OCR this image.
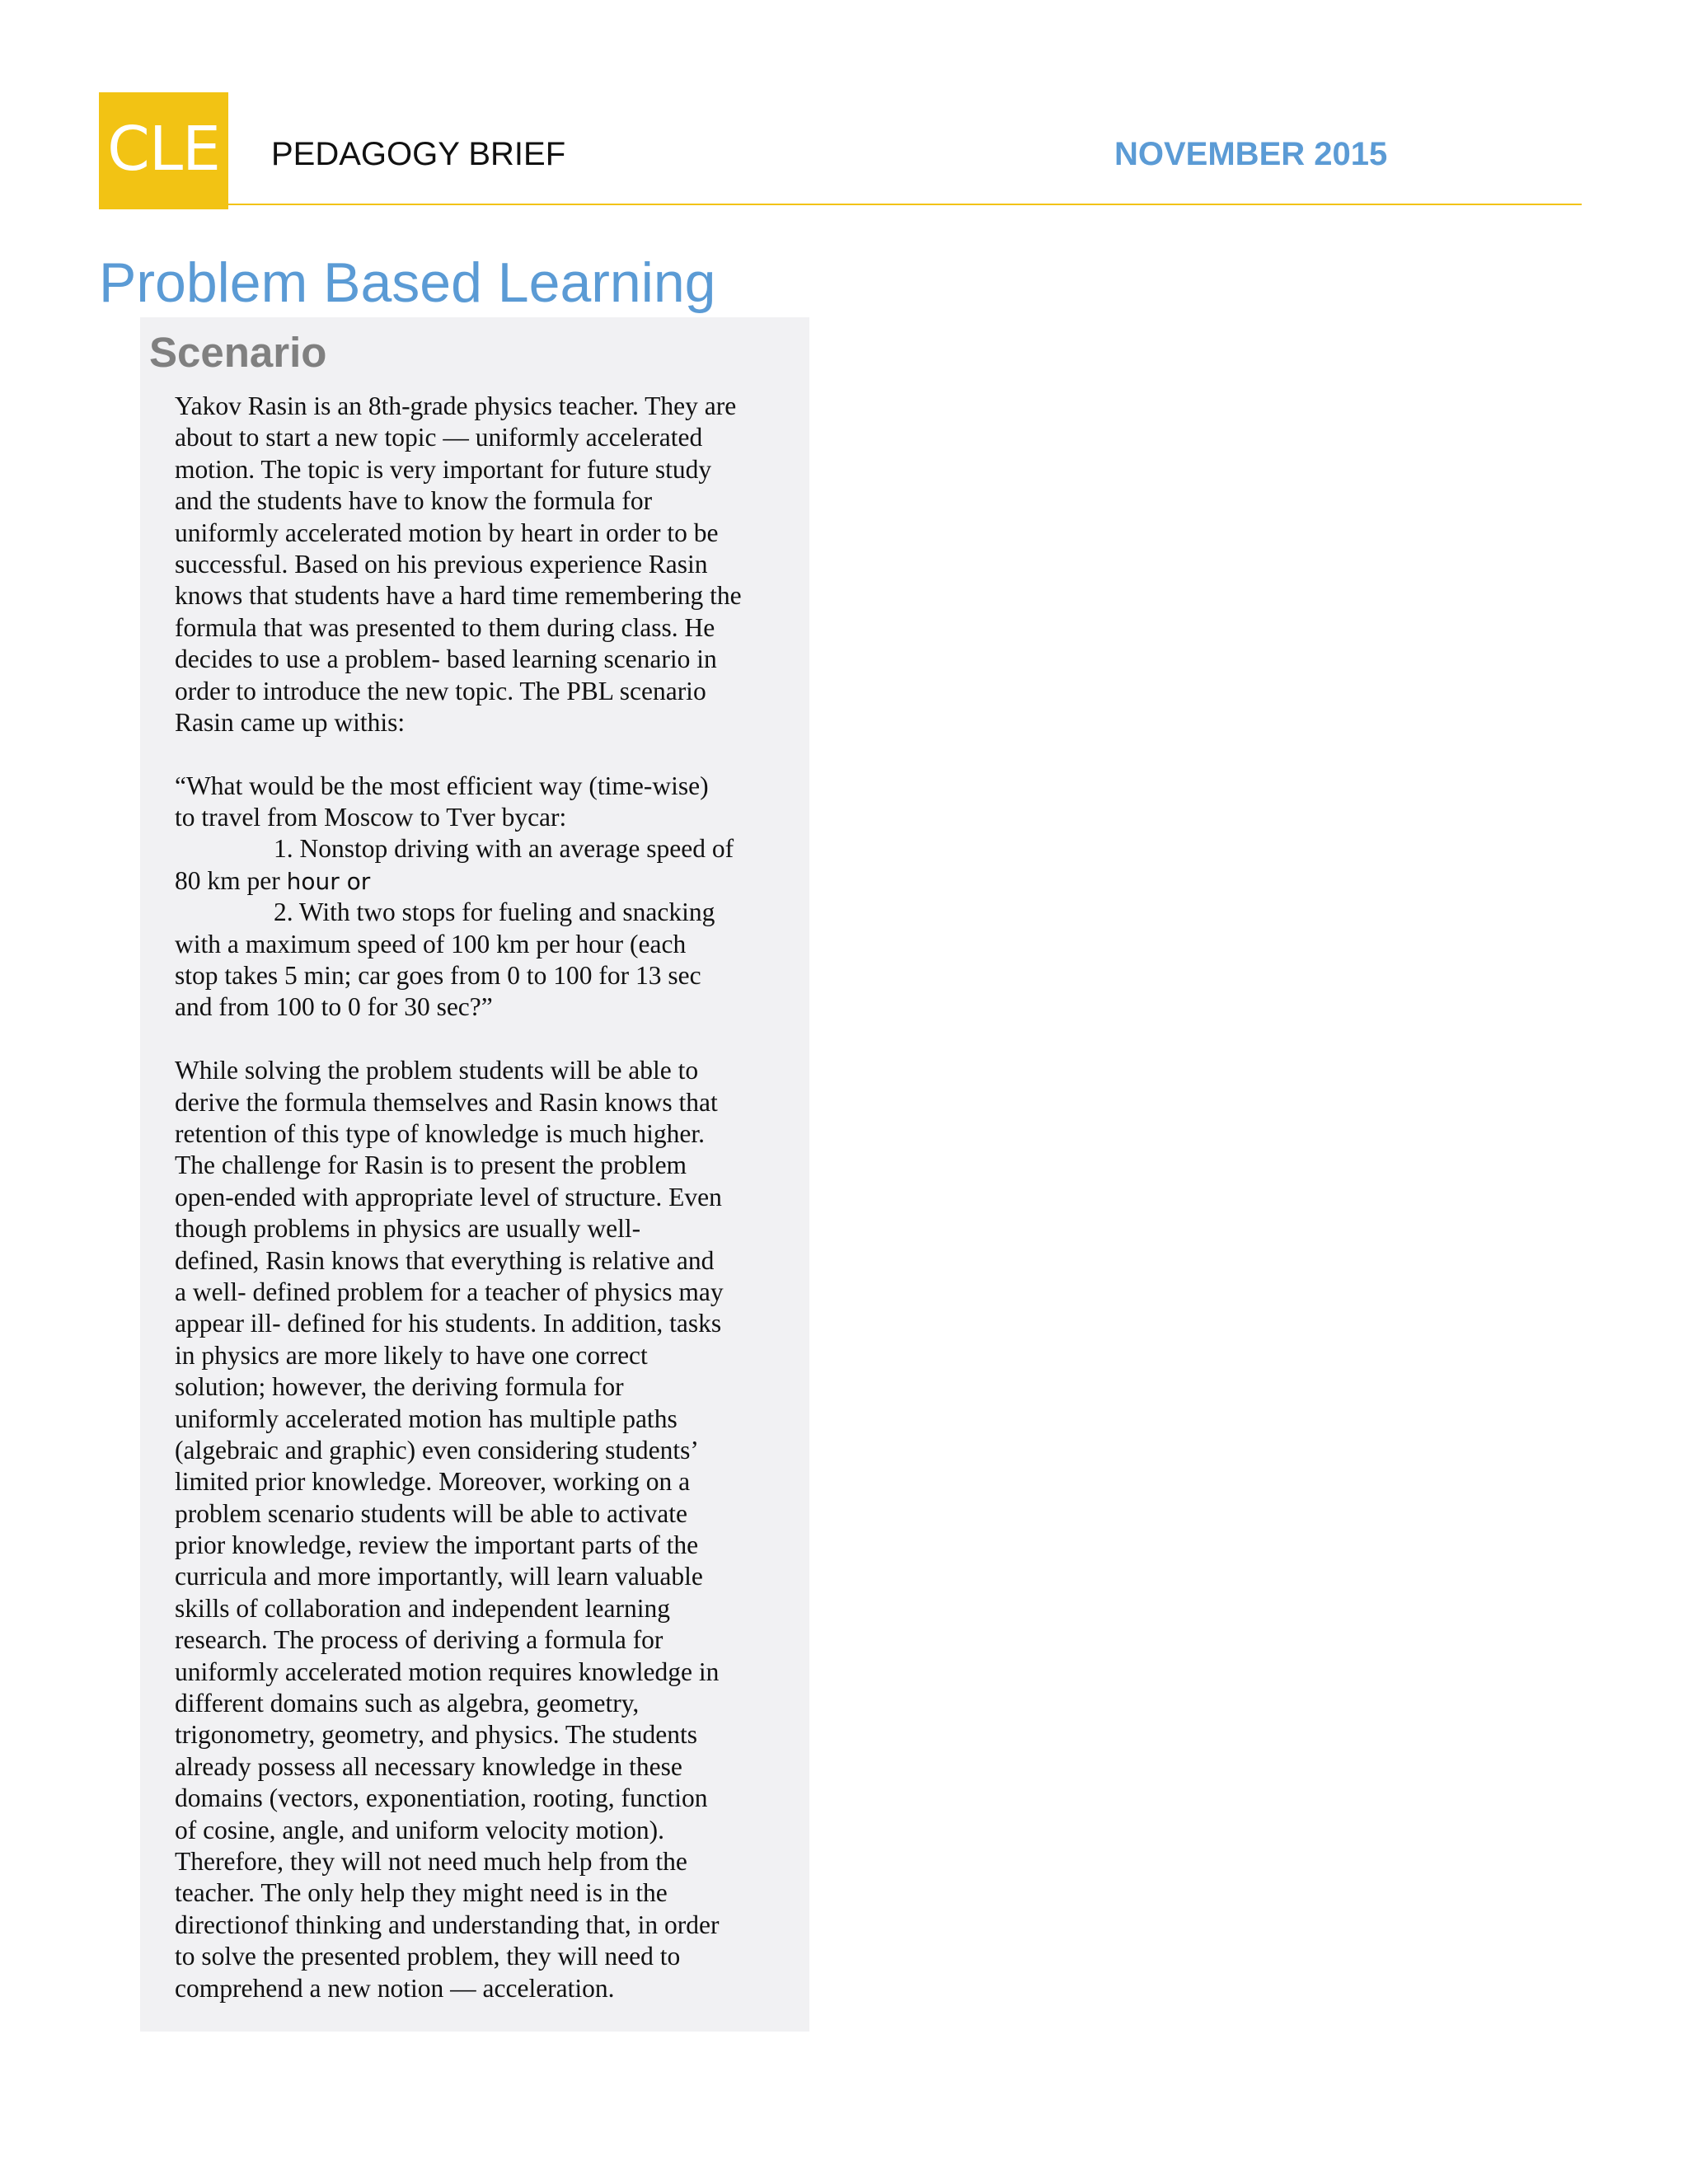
CLE PEDAGOGY BRIEF	NOVEMBER 2015
Problem Based Learning
Scenario
Yakov Rasin is an 8th-grade physics teacher. They are
about to start a new topic — uniformly accelerated
motion. The topic is very important for future study
and the students have to know the formula for
uniformly accelerated motion by heart in order to be
successful. Based on his previous experience Rasin
knows that students have a hard time remembering the
formula that was presented to them during class. He
decides to use a problem- based learning scenario in
order to introduce the new topic. The PBL scenario
Rasin came up withis:
“What would be the most efficient way (time-wise)
to travel from Moscow to Tver bycar:
1. Nonstop driving with an average speed of
80 km per hour or
2. With two stops for fueling and snacking
with a maximum speed of 100 km per hour (each
stop takes 5 min; car goes from 0 to 100 for 13 sec
and from 100 to 0 for 30 sec?”
While solving the problem students will be able to
derive the formula themselves and Rasin knows that
retention of this type of knowledge is much higher.
The challenge for Rasin is to present the problem
open-ended with appropriate level of structure. Even
though problems in physics are usually well-
defined, Rasin knows that everything is relative and
a well- defined problem for a teacher of physics may
appear ill- defined for his students. In addition, tasks
in physics are more likely to have one correct
solution; however, the deriving formula for
uniformly accelerated motion has multiple paths
(algebraic and graphic) even considering students’
limited prior knowledge. Moreover, working on a
problem scenario students will be able to activate
prior knowledge, review the important parts of the
curricula and more importantly, will learn valuable
skills of collaboration and independent learning
research. The process of deriving a formula for
uniformly accelerated motion requires knowledge in
different domains such as algebra, geometry,
trigonometry, geometry, and physics. The students
already possess all necessary knowledge in these
domains (vectors, exponentiation, rooting, function
of cosine, angle, and uniform velocity motion).
Therefore, they will not need much help from the
teacher. The only help they might need is in the
directionof thinking and understanding that, in order
to solve the presented problem, they will need to
comprehend a new notion — acceleration.
